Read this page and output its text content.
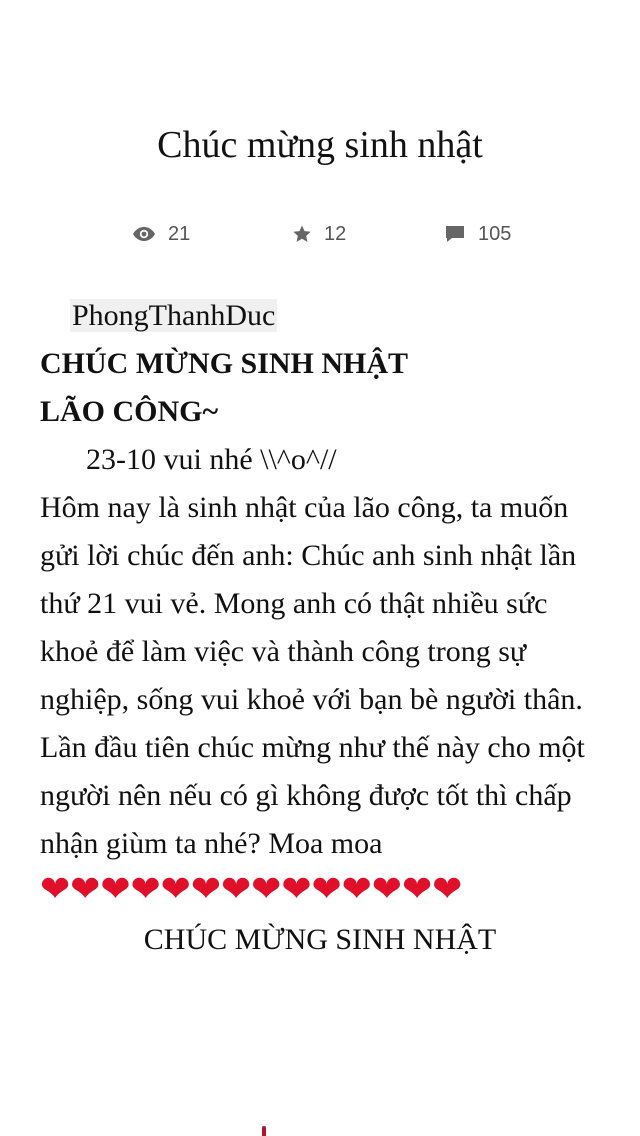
Chúc mừng sinh nhật
21	12	105
PhongThanhDuc
CHÚC MỪNG SINH NHẬT
LÃO CÔNG~
23-10 vui nhé \\^o^//

Hôm nay là sinh nhật của lão công, ta muốn gửi lời chúc đến anh: Chúc anh sinh nhật lần thứ 21 vui vẻ. Mong anh có thật nhiều sức khoẻ để làm việc và thành công trong sự nghiệp, sống vui khoẻ với bạn bè người thân. Lần đầu tiên chúc mừng như thế này cho một người nên nếu có gì không được tốt thì chấp nhận giùm ta nhé? Moa moa

❤❤❤❤❤❤❤❤❤❤❤❤❤❤
CHÚC MỪNG SINH NHẬT
